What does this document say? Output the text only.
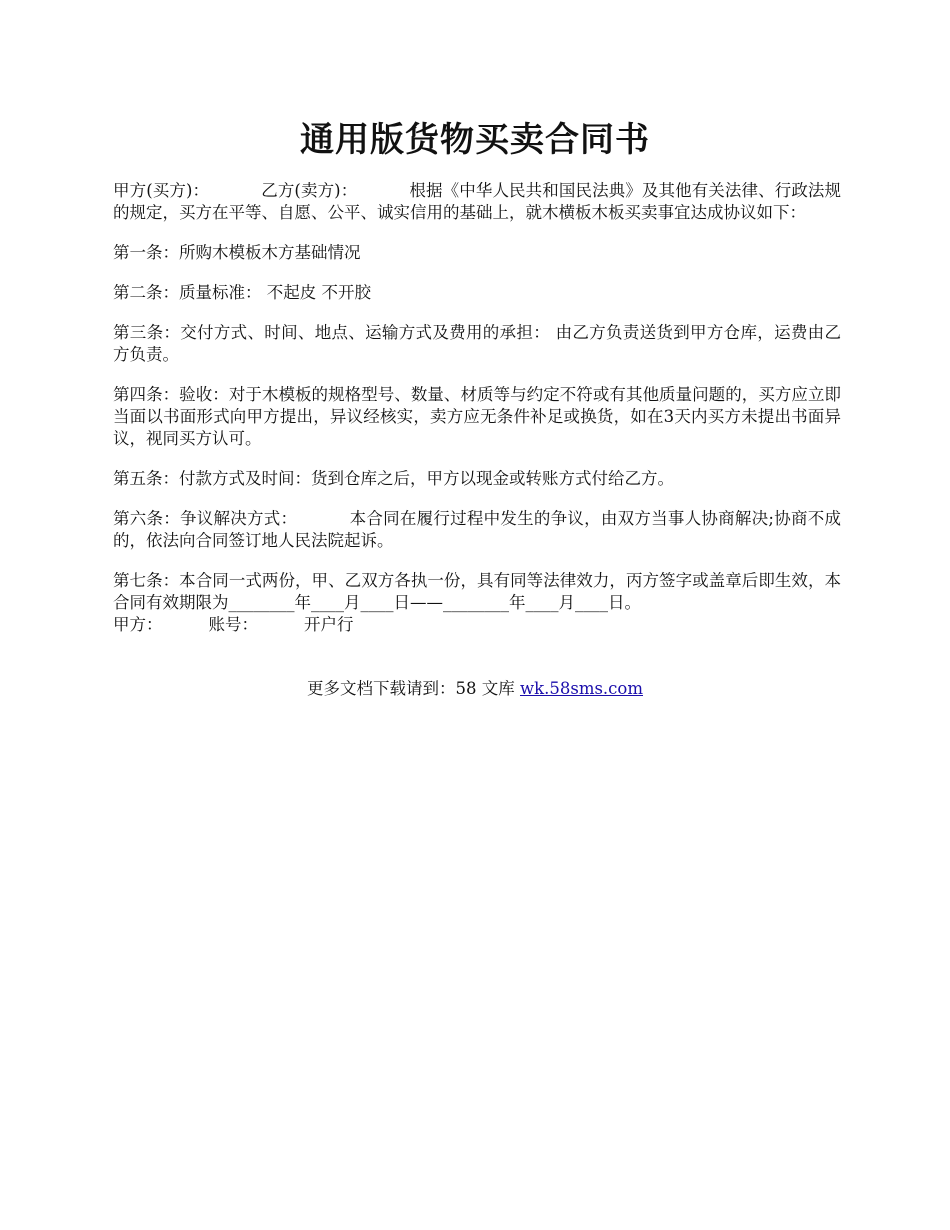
通用版货物买卖合同书

甲方(买方)：	乙方(卖方)：	根据《中华人民共和国民法典》及其他有关法律、行政法规的规定，买方在平等、自愿、公平、诚实信用的基础上，就木横板木板买卖事宜达成协议如下：

第一条：所购木模板木方基础情况

第二条：质量标准： 不起皮 不开胶

第三条：交付方式、时间、地点、运输方式及费用的承担： 由乙方负责送货到甲方仓库，运费由乙方负责。

第四条：验收：对于木模板的规格型号、数量、材质等与约定不符或有其他质量问题的，买方应立即当面以书面形式向甲方提出，异议经核实，卖方应无条件补足或换货，如在3天内买方未提出书面异议，视同买方认可。

第五条：付款方式及时间：货到仓库之后，甲方以现金或转账方式付给乙方。

第六条：争议解决方式：	本合同在履行过程中发生的争议，由双方当事人协商解决;协商不成的，依法向合同签订地人民法院起诉。

第七条：本合同一式两份，甲、乙双方各执一份，具有同等法律效力，丙方签字或盖章后即生效，本合同有效期限为________年____月____日——________年____月____日。

甲方：	账号：	开户行

更多文档下载请到：58 文库 wk.58sms.com
